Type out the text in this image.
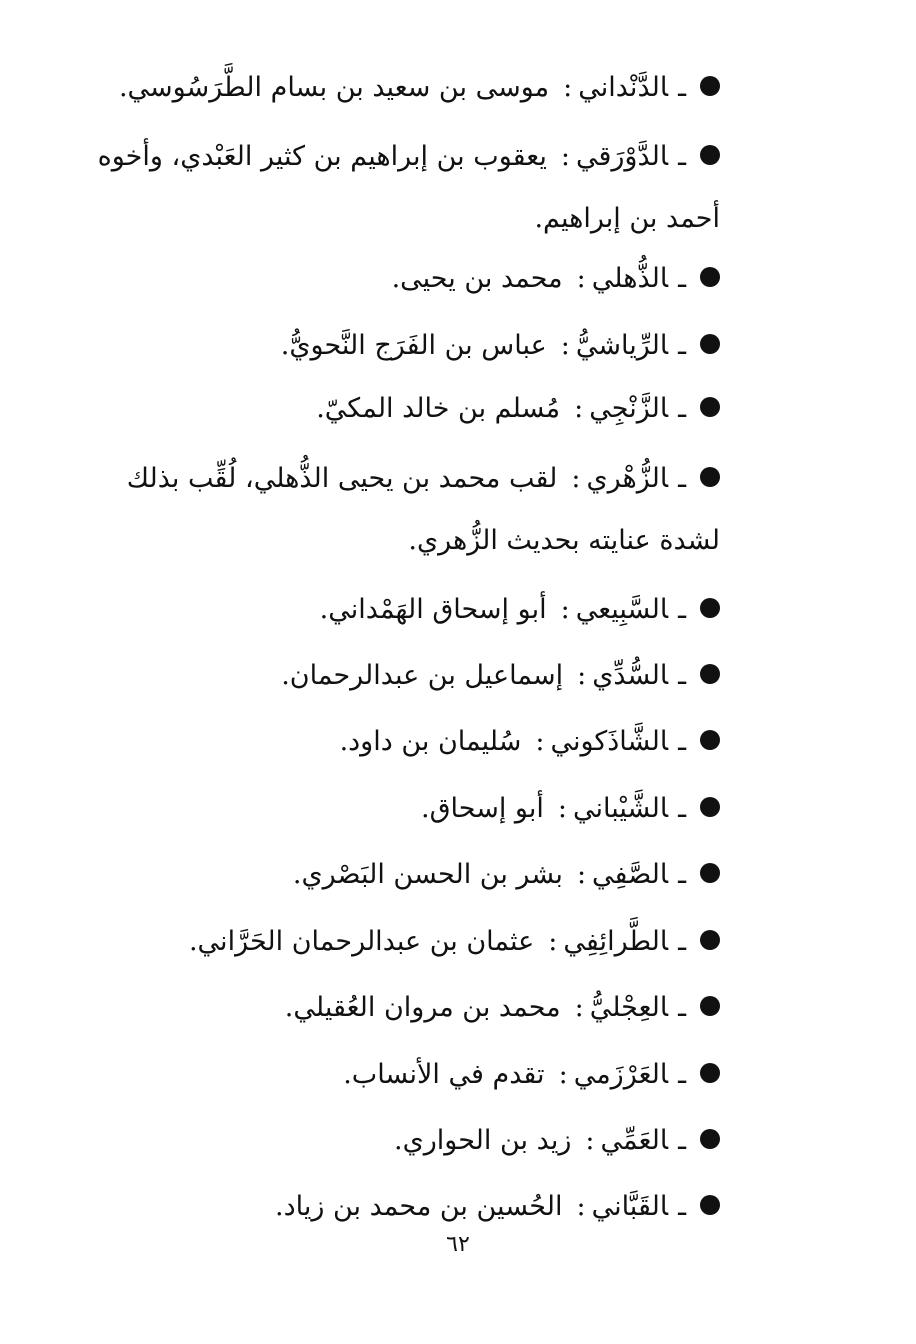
ـالدَّنْداني:موسى بن سعيد بن بسام الطَّرَسُوسي.
ـالدَّوْرَقي:يعقوب بن إبراهيم بن كثير العَبْدي، وأخوه
أحمد بن إبراهيم.
ـالذُّهلي:محمد بن يحيى.
ـالرِّياشيُّ:عباس بن الفَرَج النَّحويُّ.
ـالزَّنْجِي:مُسلم بن خالد المكيّ.
ـالزُّهْري:لقب محمد بن يحيى الذُّهلي، لُقِّب بذلك
لشدة عنايته بحديث الزُّهري.
ـالسَّبِيعي:أبو إسحاق الهَمْداني.
ـالسُّدِّي:إسماعيل بن عبدالرحمان.
ـالشَّاذَكوني:سُليمان بن داود.
ـالشَّيْباني:أبو إسحاق.
ـالصَّفِي:بشر بن الحسن البَصْري.
ـالطَّرائِفِي:عثمان بن عبدالرحمان الحَرَّاني.
ـالعِجْليُّ:محمد بن مروان العُقيلي.
ـالعَرْزَمي:تقدم في الأنساب.
ـالعَمِّي:زيد بن الحواري.
ـالقَبَّاني:الحُسين بن محمد بن زياد.
٦٢
